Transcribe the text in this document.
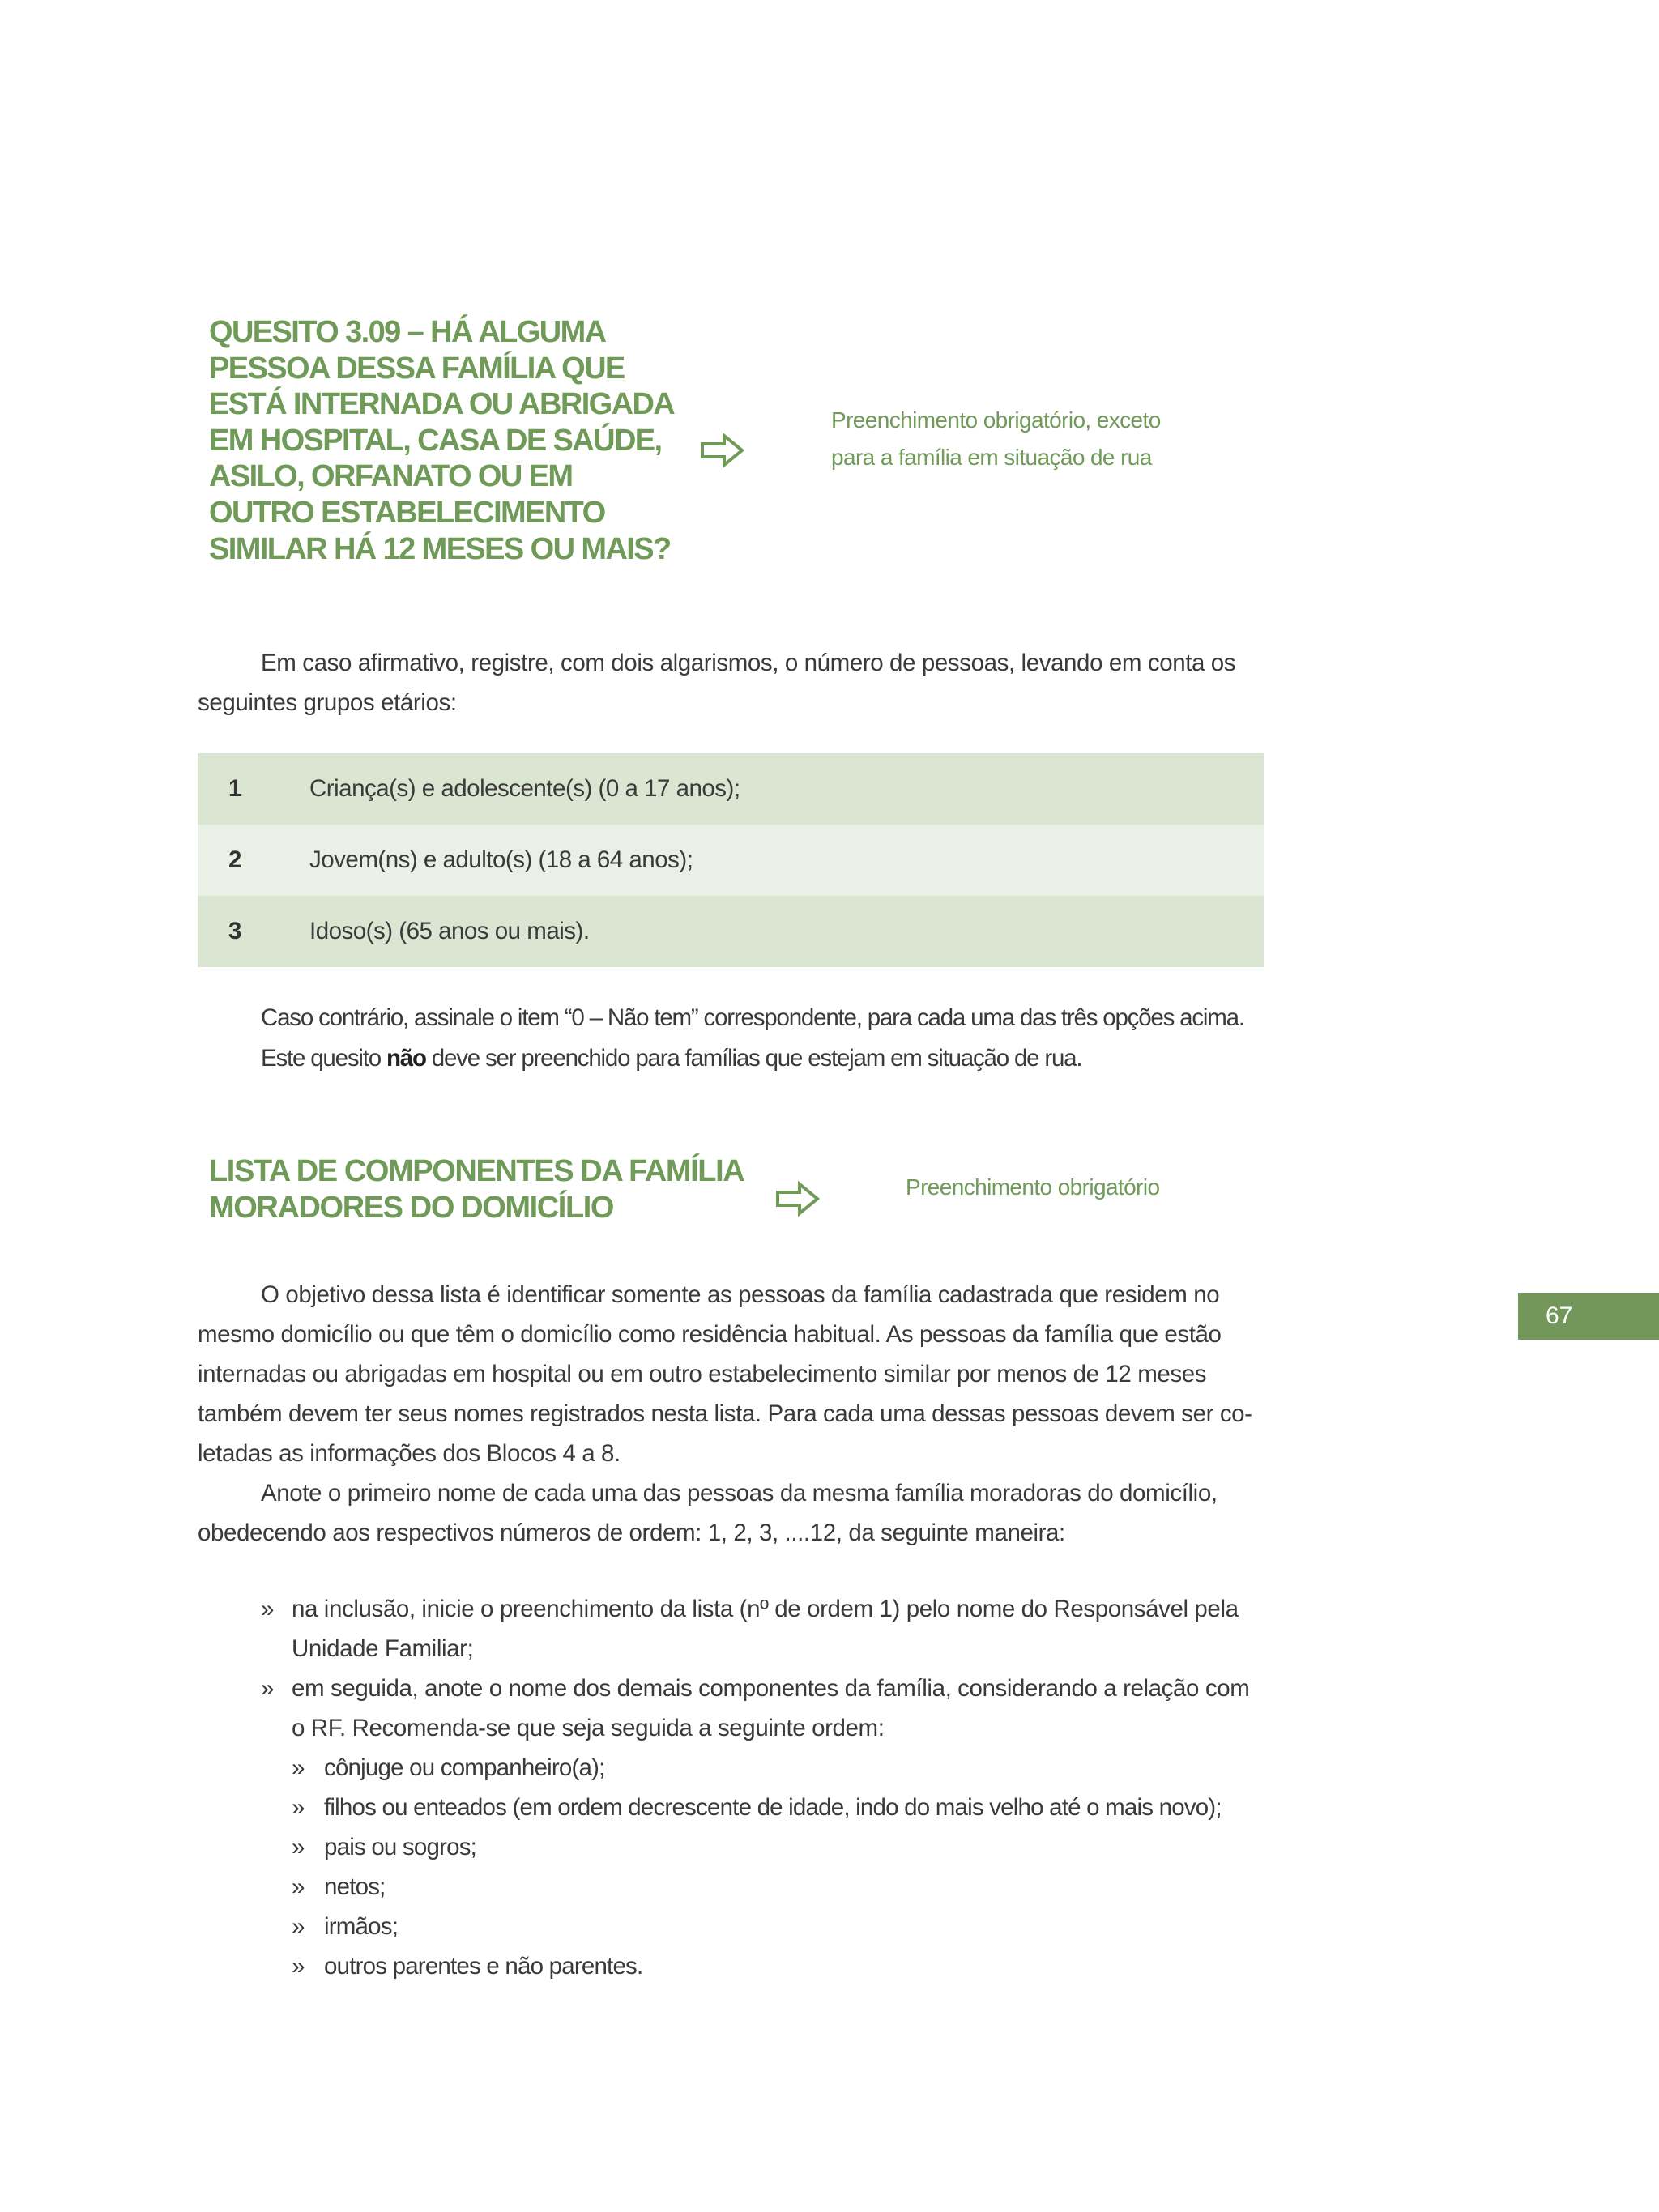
QUESITO 3.09 – HÁ ALGUMA
PESSOA DESSA FAMÍLIA QUE
ESTÁ INTERNADA OU ABRIGADA
EM HOSPITAL, CASA DE SAÚDE,
ASILO, ORFANATO OU EM
OUTRO ESTABELECIMENTO
SIMILAR HÁ 12 MESES OU MAIS?
Preenchimento obrigatório, exceto
para a família em situação de rua

Em caso afirmativo, registre, com dois algarismos, o número de pessoas, levando em conta os seguintes grupos etários:

1	Criança(s) e adolescente(s) (0 a 17 anos);
2	Jovem(ns) e adulto(s) (18 a 64 anos);
3	Idoso(s) (65 anos ou mais).

Caso contrário, assinale o item “0 – Não tem” correspondente, para cada uma das três opções acima.
Este quesito não deve ser preenchido para famílias que estejam em situação de rua.

LISTA DE COMPONENTES DA FAMÍLIA
MORADORES DO DOMICÍLIO
Preenchimento obrigatório

O objetivo dessa lista é identificar somente as pessoas da família cadastrada que residem no mesmo domicílio ou que têm o domicílio como residência habitual. As pessoas da família que estão internadas ou abrigadas em hospital ou em outro estabelecimento similar por menos de 12 meses também devem ter seus nomes registrados nesta lista. Para cada uma dessas pessoas devem ser co-letadas as informações dos Blocos 4 a 8.

Anote o primeiro nome de cada uma das pessoas da mesma família moradoras do domicílio, obedecendo aos respectivos números de ordem: 1, 2, 3, ....12, da seguinte maneira:

» na inclusão, inicie o preenchimento da lista (nº de ordem 1) pelo nome do Responsável pela Unidade Familiar;
» em seguida, anote o nome dos demais componentes da família, considerando a relação com o RF. Recomenda-se que seja seguida a seguinte ordem:
» cônjuge ou companheiro(a);
» filhos ou enteados (em ordem decrescente de idade, indo do mais velho até o mais novo);
» pais ou sogros;
» netos;
» irmãos;
» outros parentes e não parentes.
67
